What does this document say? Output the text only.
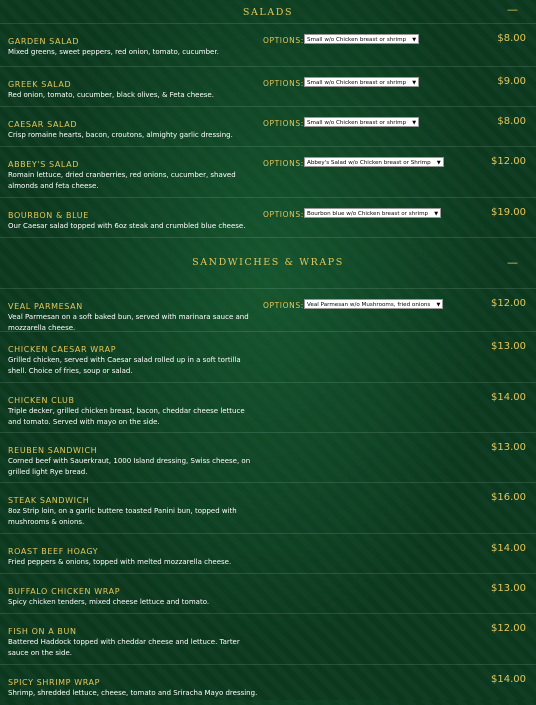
SALADS	—
GARDEN SALAD
Mixed greens, sweet peppers, red onion, tomato, cucumber.
OPTIONS: Small w/o Chicken breast or shrimp ▼	$8.00
GREEK SALAD
Red onion, tomato, cucumber, black olives, & Feta cheese.
OPTIONS: Small w/o Chicken breast or shrimp ▼	$9.00
CAESAR SALAD
Crisp romaine hearts, bacon, croutons, almighty garlic dressing.
OPTIONS: Small w/o Chicken breast or shrimp ▼	$8.00
ABBEY'S SALAD
Romain lettuce, dried cranberries, red onions, cucumber, shaved almonds and feta cheese.
OPTIONS: Abbey's Salad w/o Chicken breast or Shrimp ▼	$12.00
BOURBON & BLUE
Our Caesar salad topped with 6oz steak and crumbled blue cheese.
OPTIONS: Bourbon blue w/o Chicken breast or shrimp ▼	$19.00
SANDWICHES & WRAPS	—
VEAL PARMESAN
Veal Parmesan on a soft baked bun, served with marinara sauce and mozzarella cheese.
OPTIONS: Veal Parmesan w/o Mushrooms, fried onions ▼	$12.00
CHICKEN CAESAR WRAP
Grilled chicken, served with Caesar salad rolled up in a soft tortilla shell. Choice of fries, soup or salad.
$13.00
CHICKEN CLUB
Triple decker, grilled chicken breast, bacon, cheddar cheese lettuce and tomato. Served with mayo on the side.
$14.00
REUBEN SANDWICH
Corned beef with Sauerkraut, 1000 Island dressing, Swiss cheese, on grilled light Rye bread.
$13.00
STEAK SANDWICH
8oz Strip loin, on a garlic buttere toasted Panini bun, topped with mushrooms & onions.
$16.00
ROAST BEEF HOAGY
Fried peppers & onions, topped with melted mozzarella cheese.
$14.00
BUFFALO CHICKEN WRAP
Spicy chicken tenders, mixed cheese lettuce and tomato.
$13.00
FISH ON A BUN
Battered Haddock topped with cheddar cheese and lettuce. Tarter sauce on the side.
$12.00
SPICY SHRIMP WRAP
Shrimp, shredded lettuce, cheese, tomato and Sriracha Mayo dressing.
$14.00
